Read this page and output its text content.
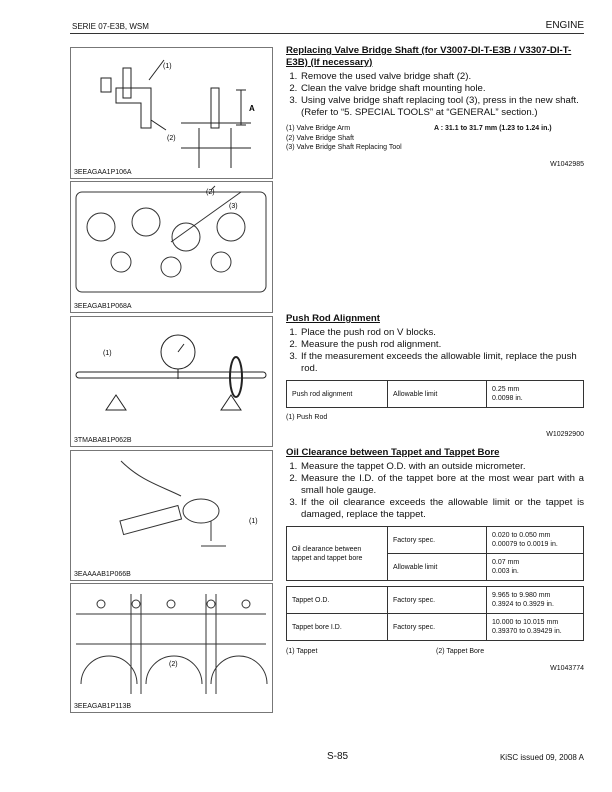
SERIE 07-E3B, WSM	ENGINE
(1)
(2)
A
3EEAGAA1P106A
(2)
(3)
3EEAGAB1P068A
(1)
3TMABAB1P062B
(1)
3EAAAAB1P066B
(2)
3EEAGAB1P113B
Replacing Valve Bridge Shaft (for V3007-DI-T-E3B / V3307-DI-T-E3B) (If necessary)
1. Remove the used valve bridge shaft (2).
2. Clean the valve bridge shaft mounting hole.
3. Using valve bridge shaft replacing tool (3), press in the new shaft. (Refer to “5. SPECIAL TOOLS” at “GENERAL” section.)
(1) Valve Bridge Arm
(2) Valve Bridge Shaft
(3) Valve Bridge Shaft Replacing Tool
A : 31.1 to 31.7 mm (1.23 to 1.24 in.)
W1042985
Push Rod Alignment
1. Place the push rod on V blocks.
2. Measure the push rod alignment.
3. If the measurement exceeds the allowable limit, replace the push rod.
Push rod alignment	Allowable limit	
0.25 mm
0.0098 in.
(1) Push Rod
W10292900
Oil Clearance between Tappet and Tappet Bore
1. Measure the tappet O.D. with an outside micrometer.
2. Measure the I.D. of the tappet bore at the most wear part with a small hole gauge.
3. If the oil clearance exceeds the allowable limit or the tappet is damaged, replace the tappet.
Oil clearance between tappet and tappet bore	Factory spec.	0.020 to 0.050 mm
0.00079 to 0.0019 in.

	Allowable limit	0.07 mm
0.003 in.
Tappet O.D.	Factory spec.	9.965 to 9.980 mm
0.3924 to 0.3929 in.

Tappet bore I.D.	Factory spec.	10.000 to 10.015 mm
0.39370 to 0.39429 in.
(1) Tappet	(2) Tappet Bore
W1043774
S-85	KiSC issued 09, 2008 A
